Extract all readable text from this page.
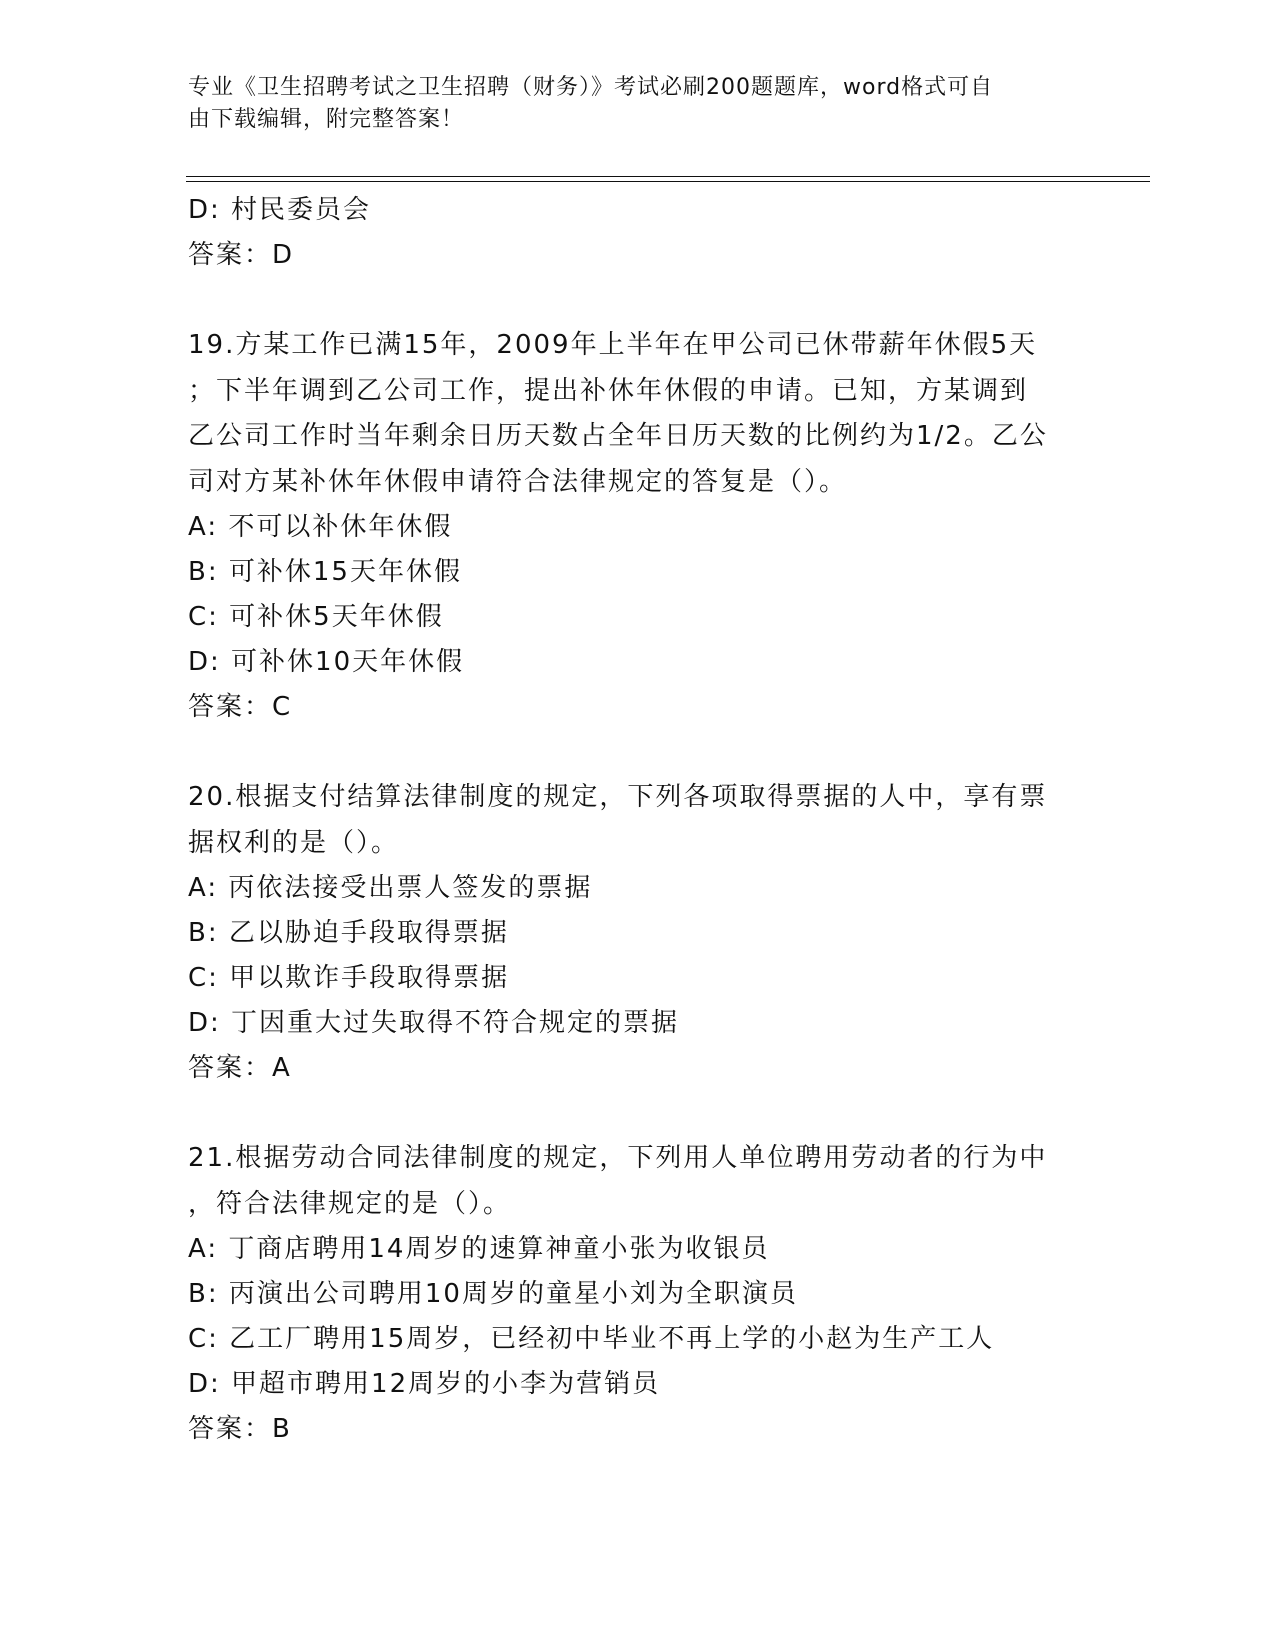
专业《卫生招聘考试之卫生招聘（财务）》考试必刷200题题库，word格式可自
由下载编辑，附完整答案！
D: 村民委员会
答案：D
19.方某工作已满15年，2009年上半年在甲公司已休带薪年休假5天
；下半年调到乙公司工作，提出补休年休假的申请。已知，方某调到
乙公司工作时当年剩余日历天数占全年日历天数的比例约为1/2。乙公
司对方某补休年休假申请符合法律规定的答复是（）。
A: 不可以补休年休假
B: 可补休15天年休假
C: 可补休5天年休假
D: 可补休10天年休假
答案：C
20.根据支付结算法律制度的规定，下列各项取得票据的人中，享有票
据权利的是（）。
A: 丙依法接受出票人签发的票据
B: 乙以胁迫手段取得票据
C: 甲以欺诈手段取得票据
D: 丁因重大过失取得不符合规定的票据
答案：A
21.根据劳动合同法律制度的规定，下列用人单位聘用劳动者的行为中
，符合法律规定的是（）。
A: 丁商店聘用14周岁的速算神童小张为收银员
B: 丙演出公司聘用10周岁的童星小刘为全职演员
C: 乙工厂聘用15周岁，已经初中毕业不再上学的小赵为生产工人
D: 甲超市聘用12周岁的小李为营销员
答案：B
